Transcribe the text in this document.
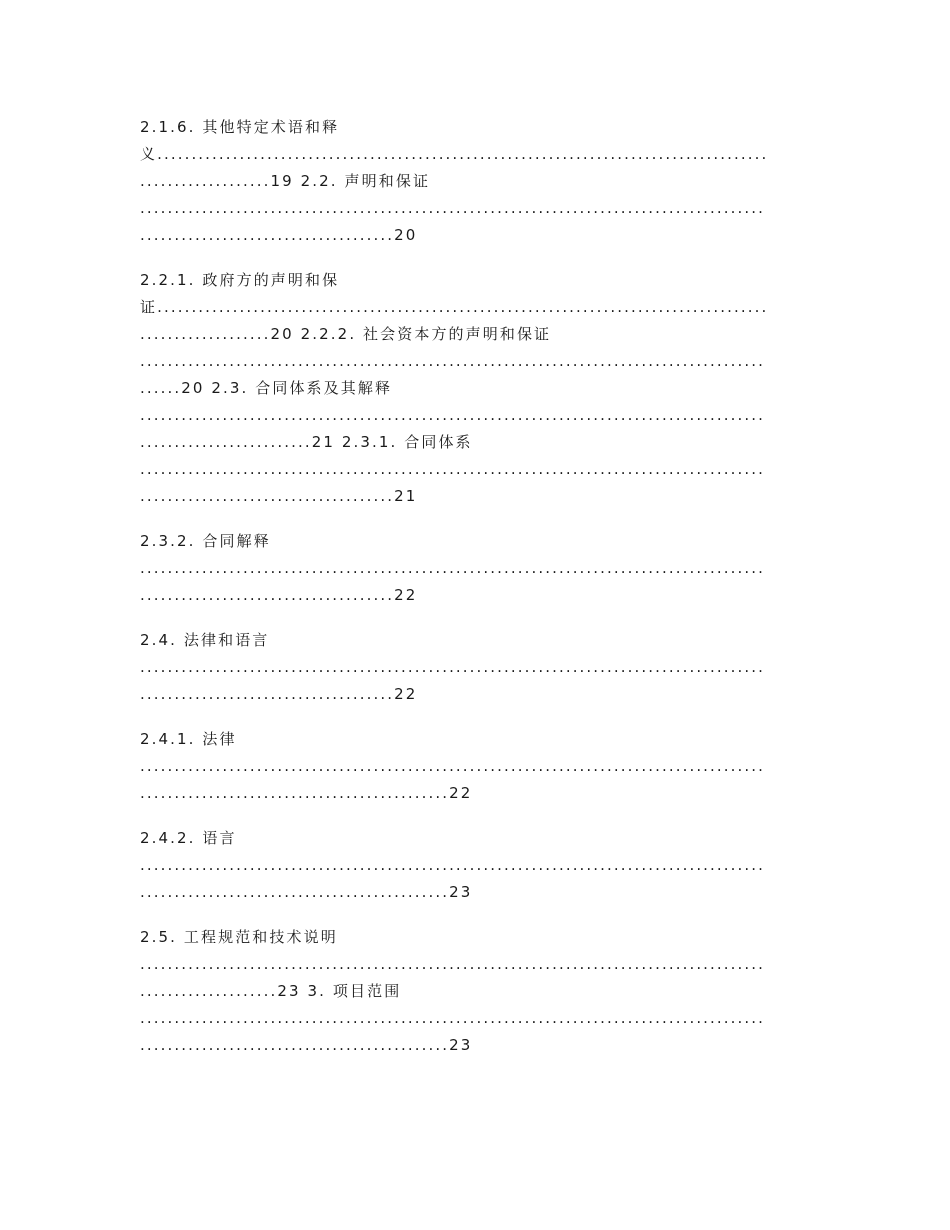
2.1.6. 其他特定术语和释
义.........................................................................................
...................19 2.2. 声明和保证
...........................................................................................
.....................................20
2.2.1. 政府方的声明和保
证.........................................................................................
...................20 2.2.2. 社会资本方的声明和保证
...........................................................................................
......20 2.3. 合同体系及其解释
...........................................................................................
.........................21 2.3.1. 合同体系
...........................................................................................
.....................................21
2.3.2. 合同解释
...........................................................................................
.....................................22
2.4. 法律和语言
...........................................................................................
.....................................22
2.4.1. 法律
...........................................................................................
.............................................22
2.4.2. 语言
...........................................................................................
.............................................23
2.5. 工程规范和技术说明
...........................................................................................
....................23 3. 项目范围
...........................................................................................
.............................................23
